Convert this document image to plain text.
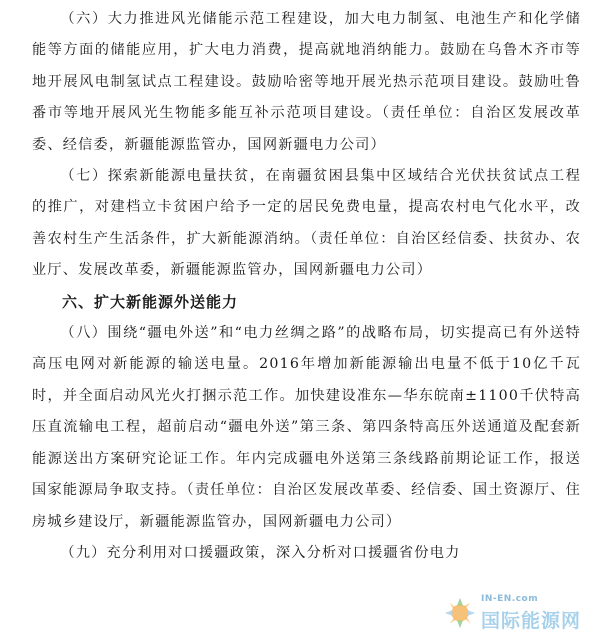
（六）大力推进风光储能示范工程建设，加大电力制氢、电池生产和化学储能等方面的储能应用，扩大电力消费，提高就地消纳能力。鼓励在乌鲁木齐市等地开展风电制氢试点工程建设。鼓励哈密等地开展光热示范项目建设。鼓励吐鲁番市等地开展风光生物能多能互补示范项目建设。（责任单位：自治区发展改革委、经信委，新疆能源监管办，国网新疆电力公司）

（七）探索新能源电量扶贫，在南疆贫困县集中区域结合光伏扶贫试点工程的推广，对建档立卡贫困户给予一定的居民免费电量，提高农村电气化水平，改善农村生产生活条件，扩大新能源消纳。（责任单位：自治区经信委、扶贫办、农业厅、发展改革委，新疆能源监管办，国网新疆电力公司）

六、扩大新能源外送能力

（八）围绕“疆电外送”和“电力丝绸之路”的战略布局，切实提高已有外送特高压电网对新能源的输送电量。2016年增加新能源输出电量不低于10亿千瓦时，并全面启动风光火打捆示范工作。加快建设准东—华东皖南±1100千伏特高压直流输电工程，超前启动“疆电外送”第三条、第四条特高压外送通道及配套新能源送出方案研究论证工作。年内完成疆电外送第三条线路前期论证工作，报送国家能源局争取支持。（责任单位：自治区发展改革委、经信委、国土资源厅、住房城乡建设厅，新疆能源监管办，国网新疆电力公司）

（九）充分利用对口援疆政策，深入分析对口援疆省份电力

IN-EN.com
国际能源网
